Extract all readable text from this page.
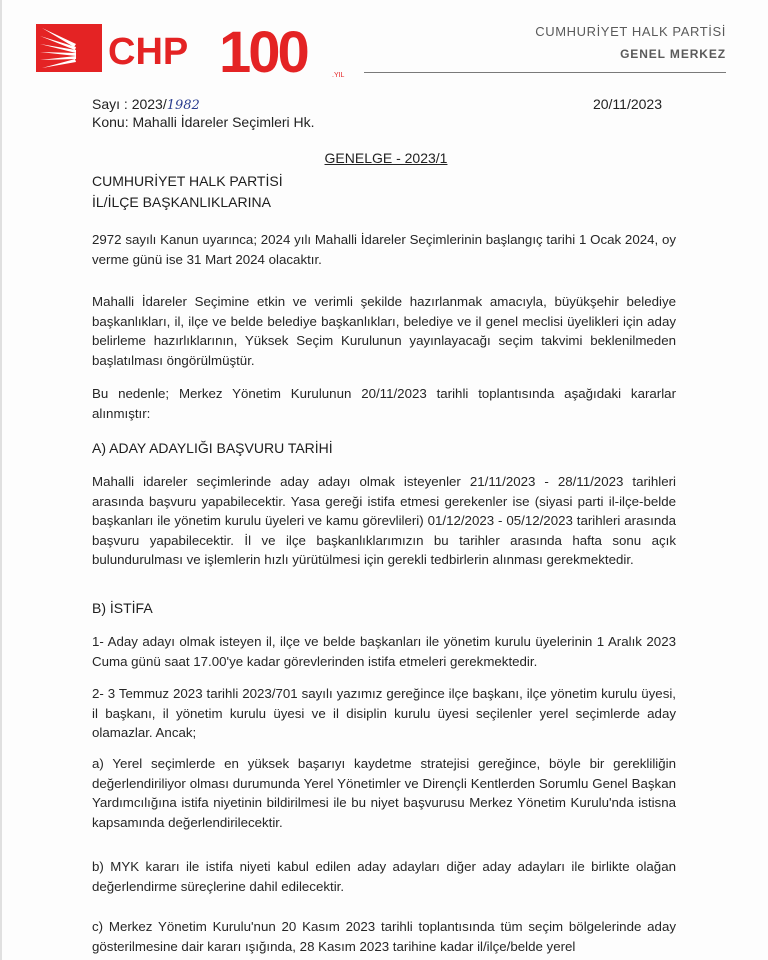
CHP 100	.YIL
CUMHURİYET HALK PARTİSİ
GENEL MERKEZ
Sayı : 2023/1982
Konu: Mahalli İdareler Seçimleri Hk.
20/11/2023
GENELGE - 2023/1
CUMHURİYET HALK PARTİSİ
İL/İLÇE BAŞKANLIKLARINA

2972 sayılı Kanun uyarınca; 2024 yılı Mahalli İdareler Seçimlerinin başlangıç tarihi 1 Ocak 2024, oy verme günü ise 31 Mart 2024 olacaktır.

Mahalli İdareler Seçimine etkin ve verimli şekilde hazırlanmak amacıyla, büyükşehir belediye başkanlıkları, il, ilçe ve belde belediye başkanlıkları, belediye ve il genel meclisi üyelikleri için aday belirleme hazırlıklarının, Yüksek Seçim Kurulunun yayınlayacağı seçim takvimi beklenilmeden başlatılması öngörülmüştür.

Bu nedenle; Merkez Yönetim Kurulunun 20/11/2023 tarihli toplantısında aşağıdaki kararlar alınmıştır:

A) ADAY ADAYLIĞI BAŞVURU TARİHİ

Mahalli idareler seçimlerinde aday adayı olmak isteyenler 21/11/2023 - 28/11/2023 tarihleri arasında başvuru yapabilecektir. Yasa gereği istifa etmesi gerekenler ise (siyasi parti il-ilçe-belde başkanları ile yönetim kurulu üyeleri ve kamu görevlileri) 01/12/2023 - 05/12/2023 tarihleri arasında başvuru yapabilecektir. İl ve ilçe başkanlıklarımızın bu tarihler arasında hafta sonu açık bulundurulması ve işlemlerin hızlı yürütülmesi için gerekli tedbirlerin alınması gerekmektedir.

B) İSTİFA

1- Aday adayı olmak isteyen il, ilçe ve belde başkanları ile yönetim kurulu üyelerinin 1 Aralık 2023 Cuma günü saat 17.00'ye kadar görevlerinden istifa etmeleri gerekmektedir.

2- 3 Temmuz 2023 tarihli 2023/701 sayılı yazımız gereğince ilçe başkanı, ilçe yönetim kurulu üyesi, il başkanı, il yönetim kurulu üyesi ve il disiplin kurulu üyesi seçilenler yerel seçimlerde aday olamazlar. Ancak;

a) Yerel seçimlerde en yüksek başarıyı kaydetme stratejisi gereğince, böyle bir gerekliliğin değerlendiriliyor olması durumunda Yerel Yönetimler ve Dirençli Kentlerden Sorumlu Genel Başkan Yardımcılığına istifa niyetinin bildirilmesi ile bu niyet başvurusu Merkez Yönetim Kurulu'nda istisna kapsamında değerlendirilecektir.

b) MYK kararı ile istifa niyeti kabul edilen aday adayları diğer aday adayları ile birlikte olağan değerlendirme süreçlerine dahil edilecektir.

c) Merkez Yönetim Kurulu'nun 20 Kasım 2023 tarihli toplantısında tüm seçim bölgelerinde aday gösterilmesine dair kararı ışığında, 28 Kasım 2023 tarihine kadar il/ilçe/belde yerel
